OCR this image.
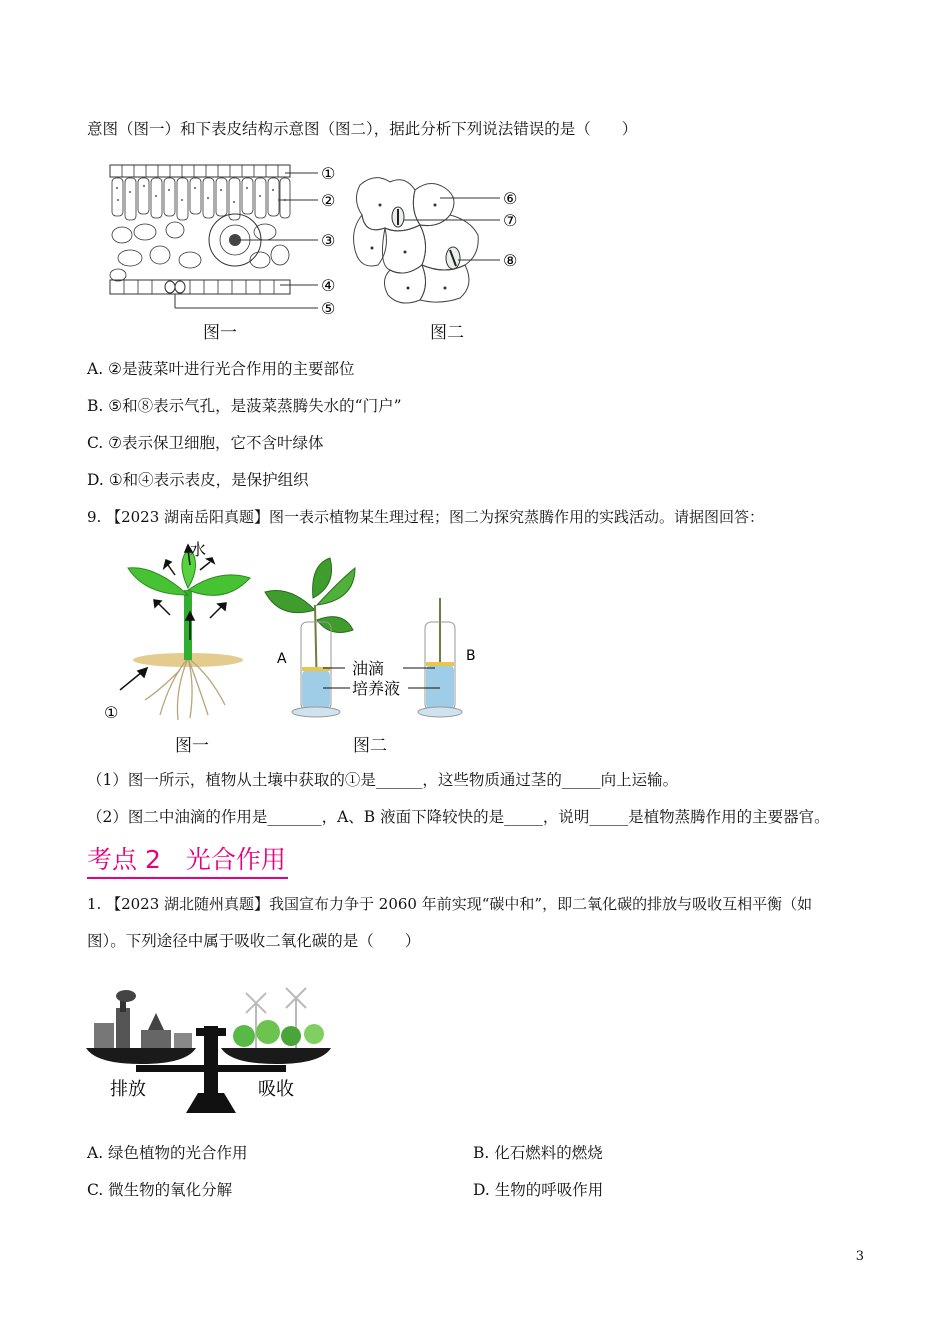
意图（图一）和下表皮结构示意图（图二），据此分析下列说法错误的是（　　）
①
②
③
④
⑤
图一
⑥
⑦
⑧
图二
A. ②是菠菜叶进行光合作用的主要部位
B. ⑤和⑧表示气孔，是菠菜蒸腾失水的“门户”
C. ⑦表示保卫细胞，它不含叶绿体
D. ①和④表示表皮，是保护组织
9. 【2023 湖南岳阳真题】图一表示植物某生理过程；图二为探究蒸腾作用的实践活动。请据图回答：
水
①
图一
A	B
油滴
培养液
图二
（1）图一所示，植物从土壤中获取的①是______，这些物质通过茎的_____向上运输。
（2）图二中油滴的作用是_______，A、B 液面下降较快的是_____，说明_____是植物蒸腾作用的主要器官。
考点 2　光合作用
1. 【2023 湖北随州真题】我国宣布力争于 2060 年前实现“碳中和”，即二氧化碳的排放与吸收互相平衡（如
图）。下列途径中属于吸收二氧化碳的是（　　）
排放	吸收
A. 绿色植物的光合作用	B. 化石燃料的燃烧
C. 微生物的氧化分解	D. 生物的呼吸作用
3
